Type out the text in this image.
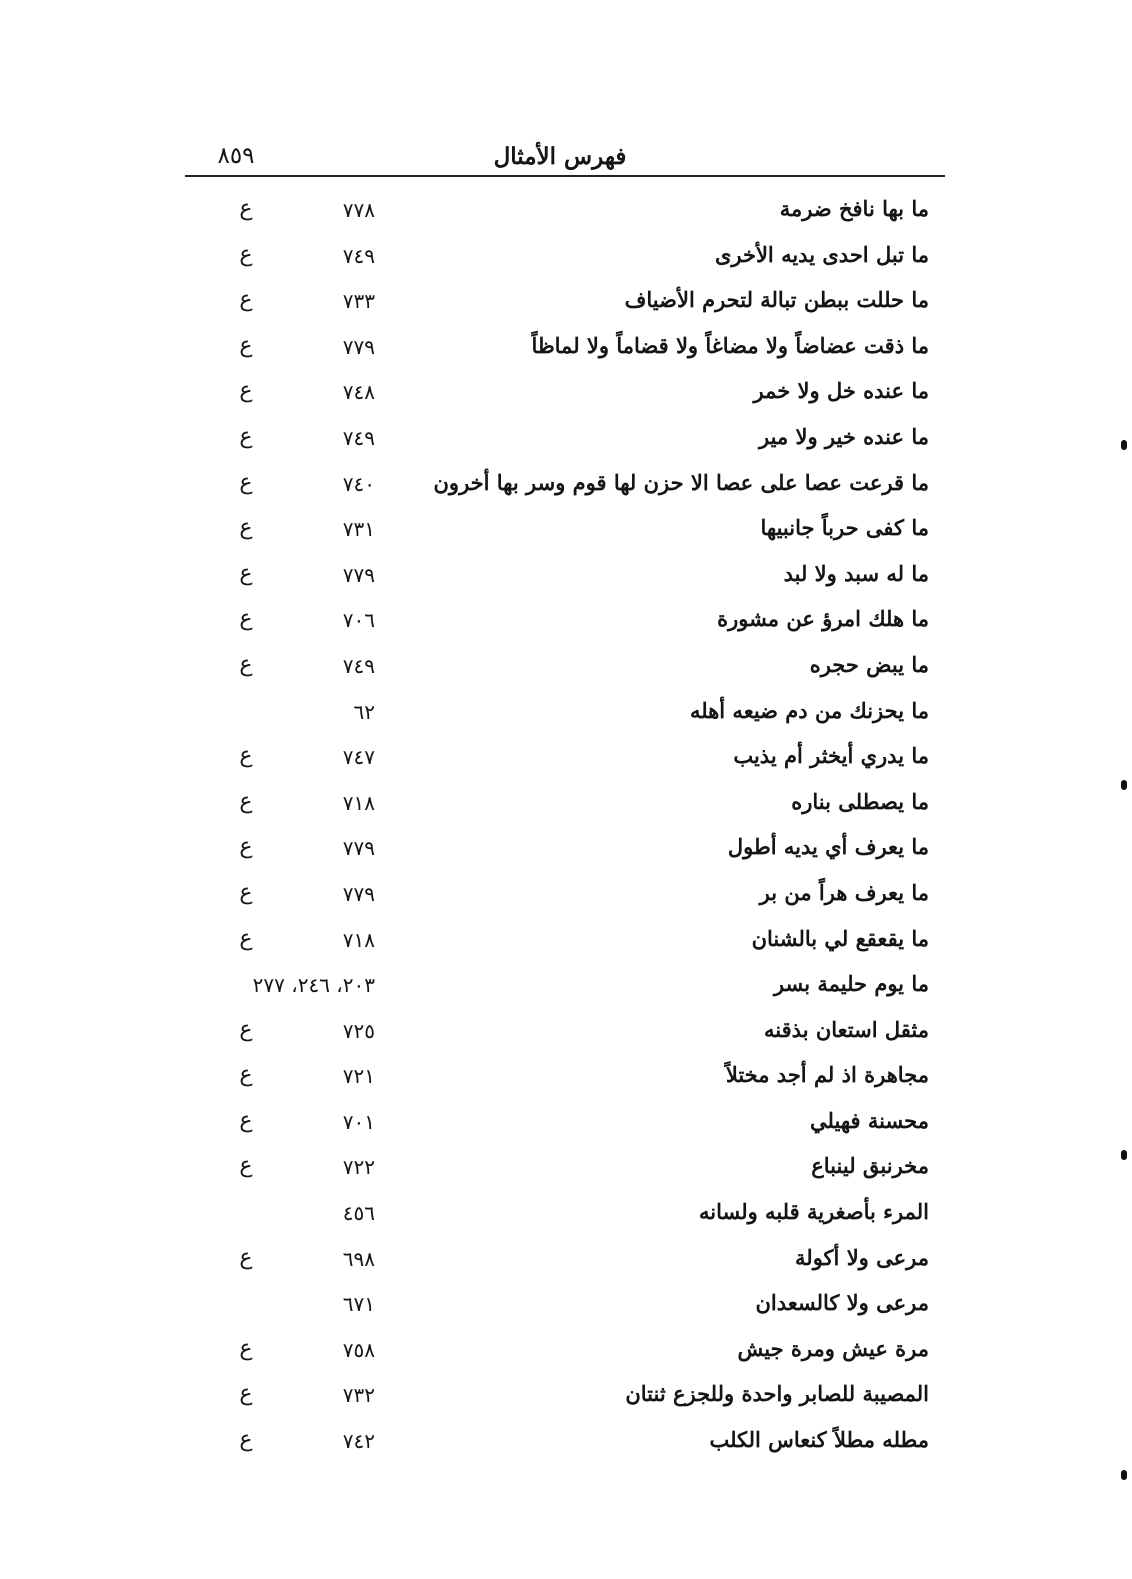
فهرس الأمثال
٨٥٩
ما بها نافخ ضرمة
٧٧٨
ع
ما تبل احدى يديه الأخرى
٧٤٩
ع
ما حللت ببطن تبالة لتحرم الأضياف
٧٣٣
ع
ما ذقت عضاضاً ولا مضاغاً ولا قضاماً ولا لماظاً
٧٧٩
ع
ما عنده خل ولا خمر
٧٤٨
ع
ما عنده خير ولا مير
٧٤٩
ع
ما قرعت عصا على عصا الا حزن لها قوم وسر بها أخرون
٧٤٠
ع
ما كفى حرباً جانبيها
٧٣١
ع
ما له سبد ولا لبد
٧٧٩
ع
ما هلك امرؤ عن مشورة
٧٠٦
ع
ما يبض حجره
٧٤٩
ع
ما يحزنك من دم ضيعه أهله
٦٢
ما يدري أيخثر أم يذيب
٧٤٧
ع
ما يصطلى بناره
٧١٨
ع
ما يعرف أي يديه أطول
٧٧٩
ع
ما يعرف هراً من بر
٧٧٩
ع
ما يقعقع لي بالشنان
٧١٨
ع
ما يوم حليمة بسر
٢٠٣، ٢٤٦، ٢٧٧
مثقل استعان بذقنه
٧٢٥
ع
مجاهرة اذ لم أجد مختلاً
٧٢١
ع
محسنة فهيلي
٧٠١
ع
مخرنبق لينباع
٧٢٢
ع
المرء بأصغرية قلبه ولسانه
٤٥٦
مرعى ولا أكولة
٦٩٨
ع
مرعى ولا كالسعدان
٦٧١
مرة عيش ومرة جيش
٧٥٨
ع
المصيبة للصابر واحدة وللجزع ثنتان
٧٣٢
ع
مطله مطلاً كنعاس الكلب
٧٤٢
ع
